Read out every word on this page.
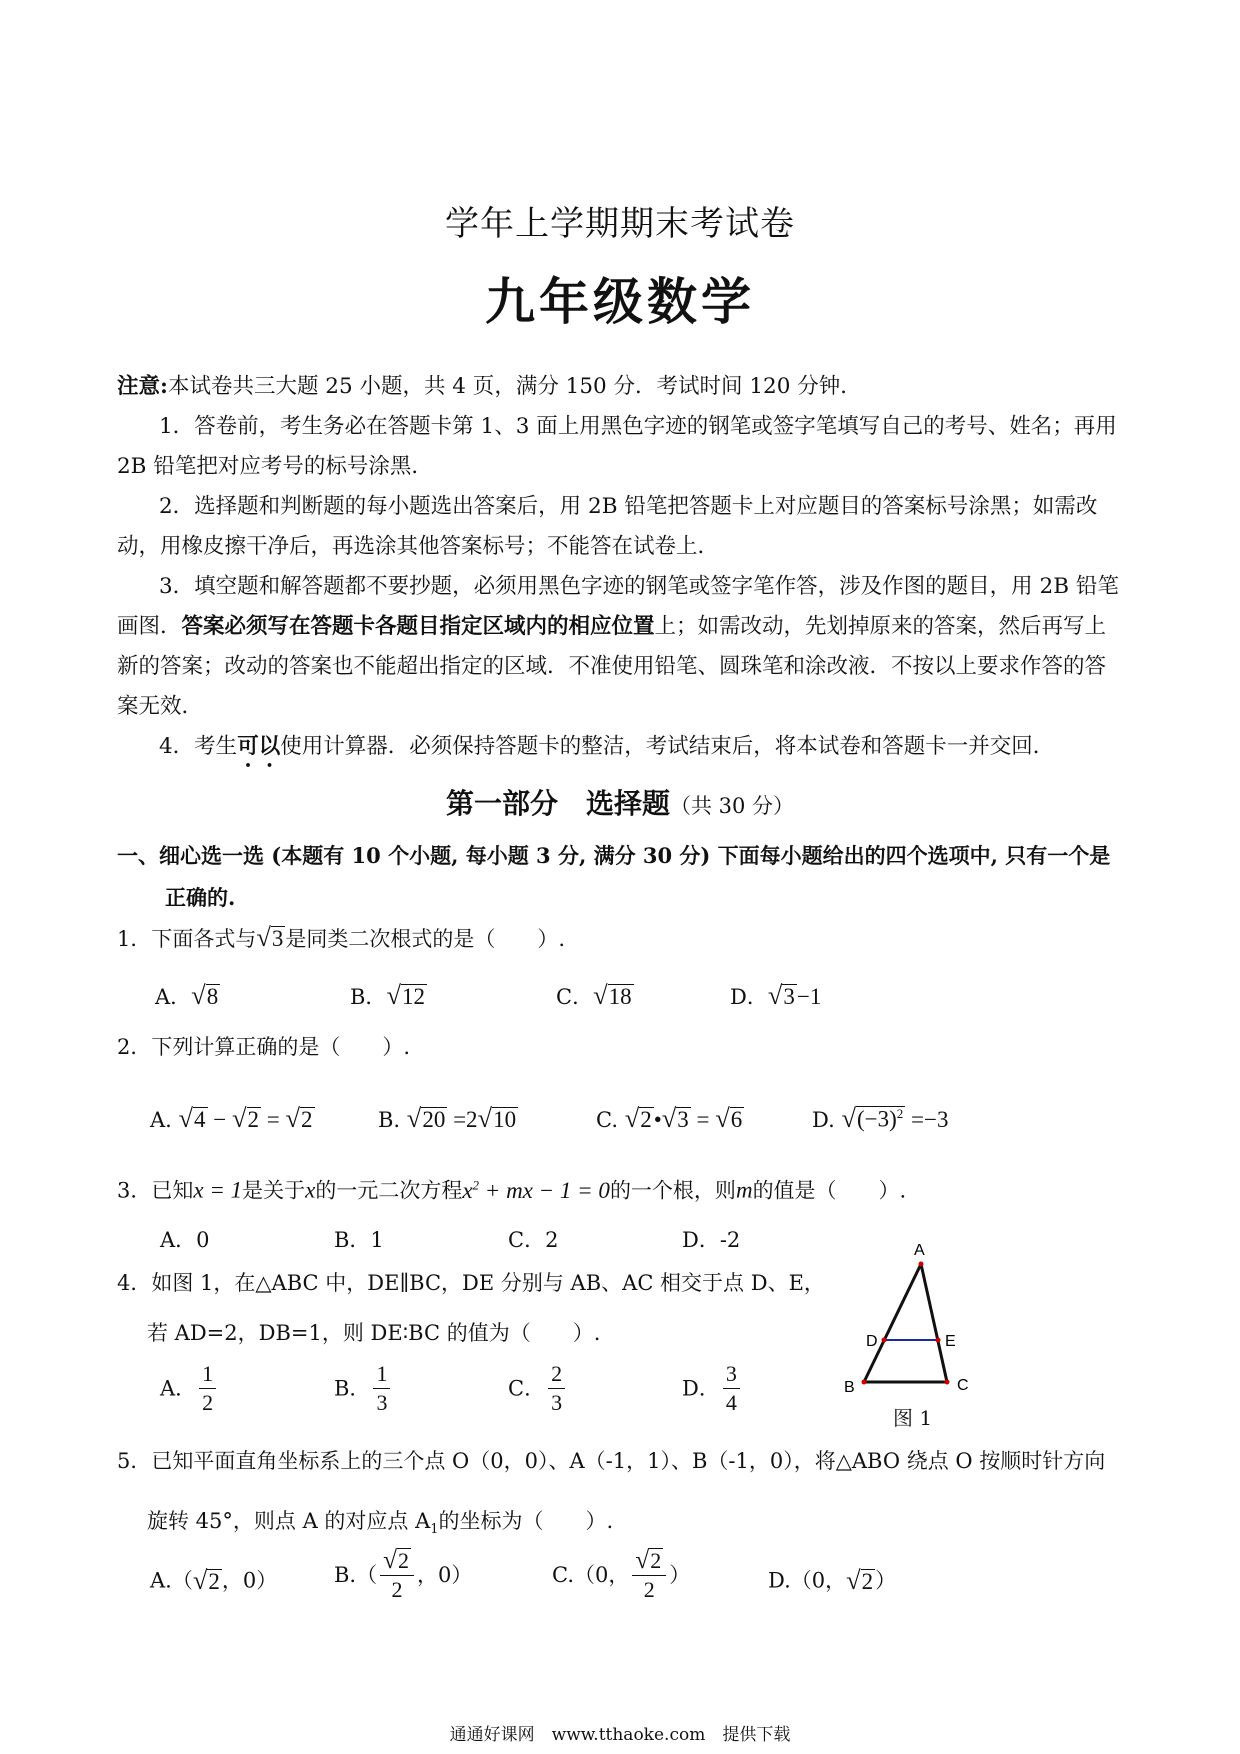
学年上学期期末考试卷
九年级数学

注意:本试卷共三大题 25 小题，共 4 页，满分 150 分．考试时间 120 分钟．

1．答卷前，考生务必在答题卡第 1、3 面上用黑色字迹的钢笔或签字笔填写自己的考号、姓名；再用 2B 铅笔把对应考号的标号涂黑．

2．选择题和判断题的每小题选出答案后，用 2B 铅笔把答题卡上对应题目的答案标号涂黑；如需改动，用橡皮擦干净后，再选涂其他答案标号；不能答在试卷上．

3．填空题和解答题都不要抄题，必须用黑色字迹的钢笔或签字笔作答，涉及作图的题目，用 2B 铅笔画图．答案必须写在答题卡各题目指定区域内的相应位置上；如需改动，先划掉原来的答案，然后再写上新的答案；改动的答案也不能超出指定的区域．不准使用铅笔、圆珠笔和涂改液．不按以上要求作答的答案无效．

4．考生可以使用计算器．必须保持答题卡的整洁，考试结束后，将本试卷和答题卡一并交回．

第一部分　选择题（共 30 分）
一、细心选一选 (本题有 10 个小题, 每小题 3 分, 满分 30 分) 下面每小题给出的四个选项中, 只有一个是
正确的.
1．下面各式与√3是同类二次根式的是（　　）.
A．√8	B．√12	C．√18	D．√3−1
2．下列计算正确的是（　　）.
A. √4 − √2 = √2	B. √20 =2√10	C. √2•√3 = √6	D. $√(-3)^2 =-3$
3．已知x = 1是关于x的一元二次方程$x^2$ + mx − 1 = 0的一个根，则m的值是（　　）.
A．0	B．1	C．2	D．-2
4．如图 1，在△ABC 中，DE∥BC，DE 分别与 AB、AC 相交于点 D、E，
若 AD=2，DB=1，则 DE∶BC 的值为（　　）.
A． $\frac{1}{2}$	B． $\frac{1}{3}$	C． $\frac{2}{3}$	D． $\frac{3}{4}$
A
B	C
D	E
图 1
5．已知平面直角坐标系上的三个点 O（0，0）、A（-1，1）、B（-1，0），将△ABO 绕点 O 按顺时针方向
旋转 45°，则点 A 的对应点 $A_1$的坐标为（　　）.
A.（√2，0）	$B.( \frac{√2}{2}$ ，0）	C.（0， $\frac{√2}{2}$ ）	D.（0，√2）
通通好课网　www.tthaoke.com　提供下载
